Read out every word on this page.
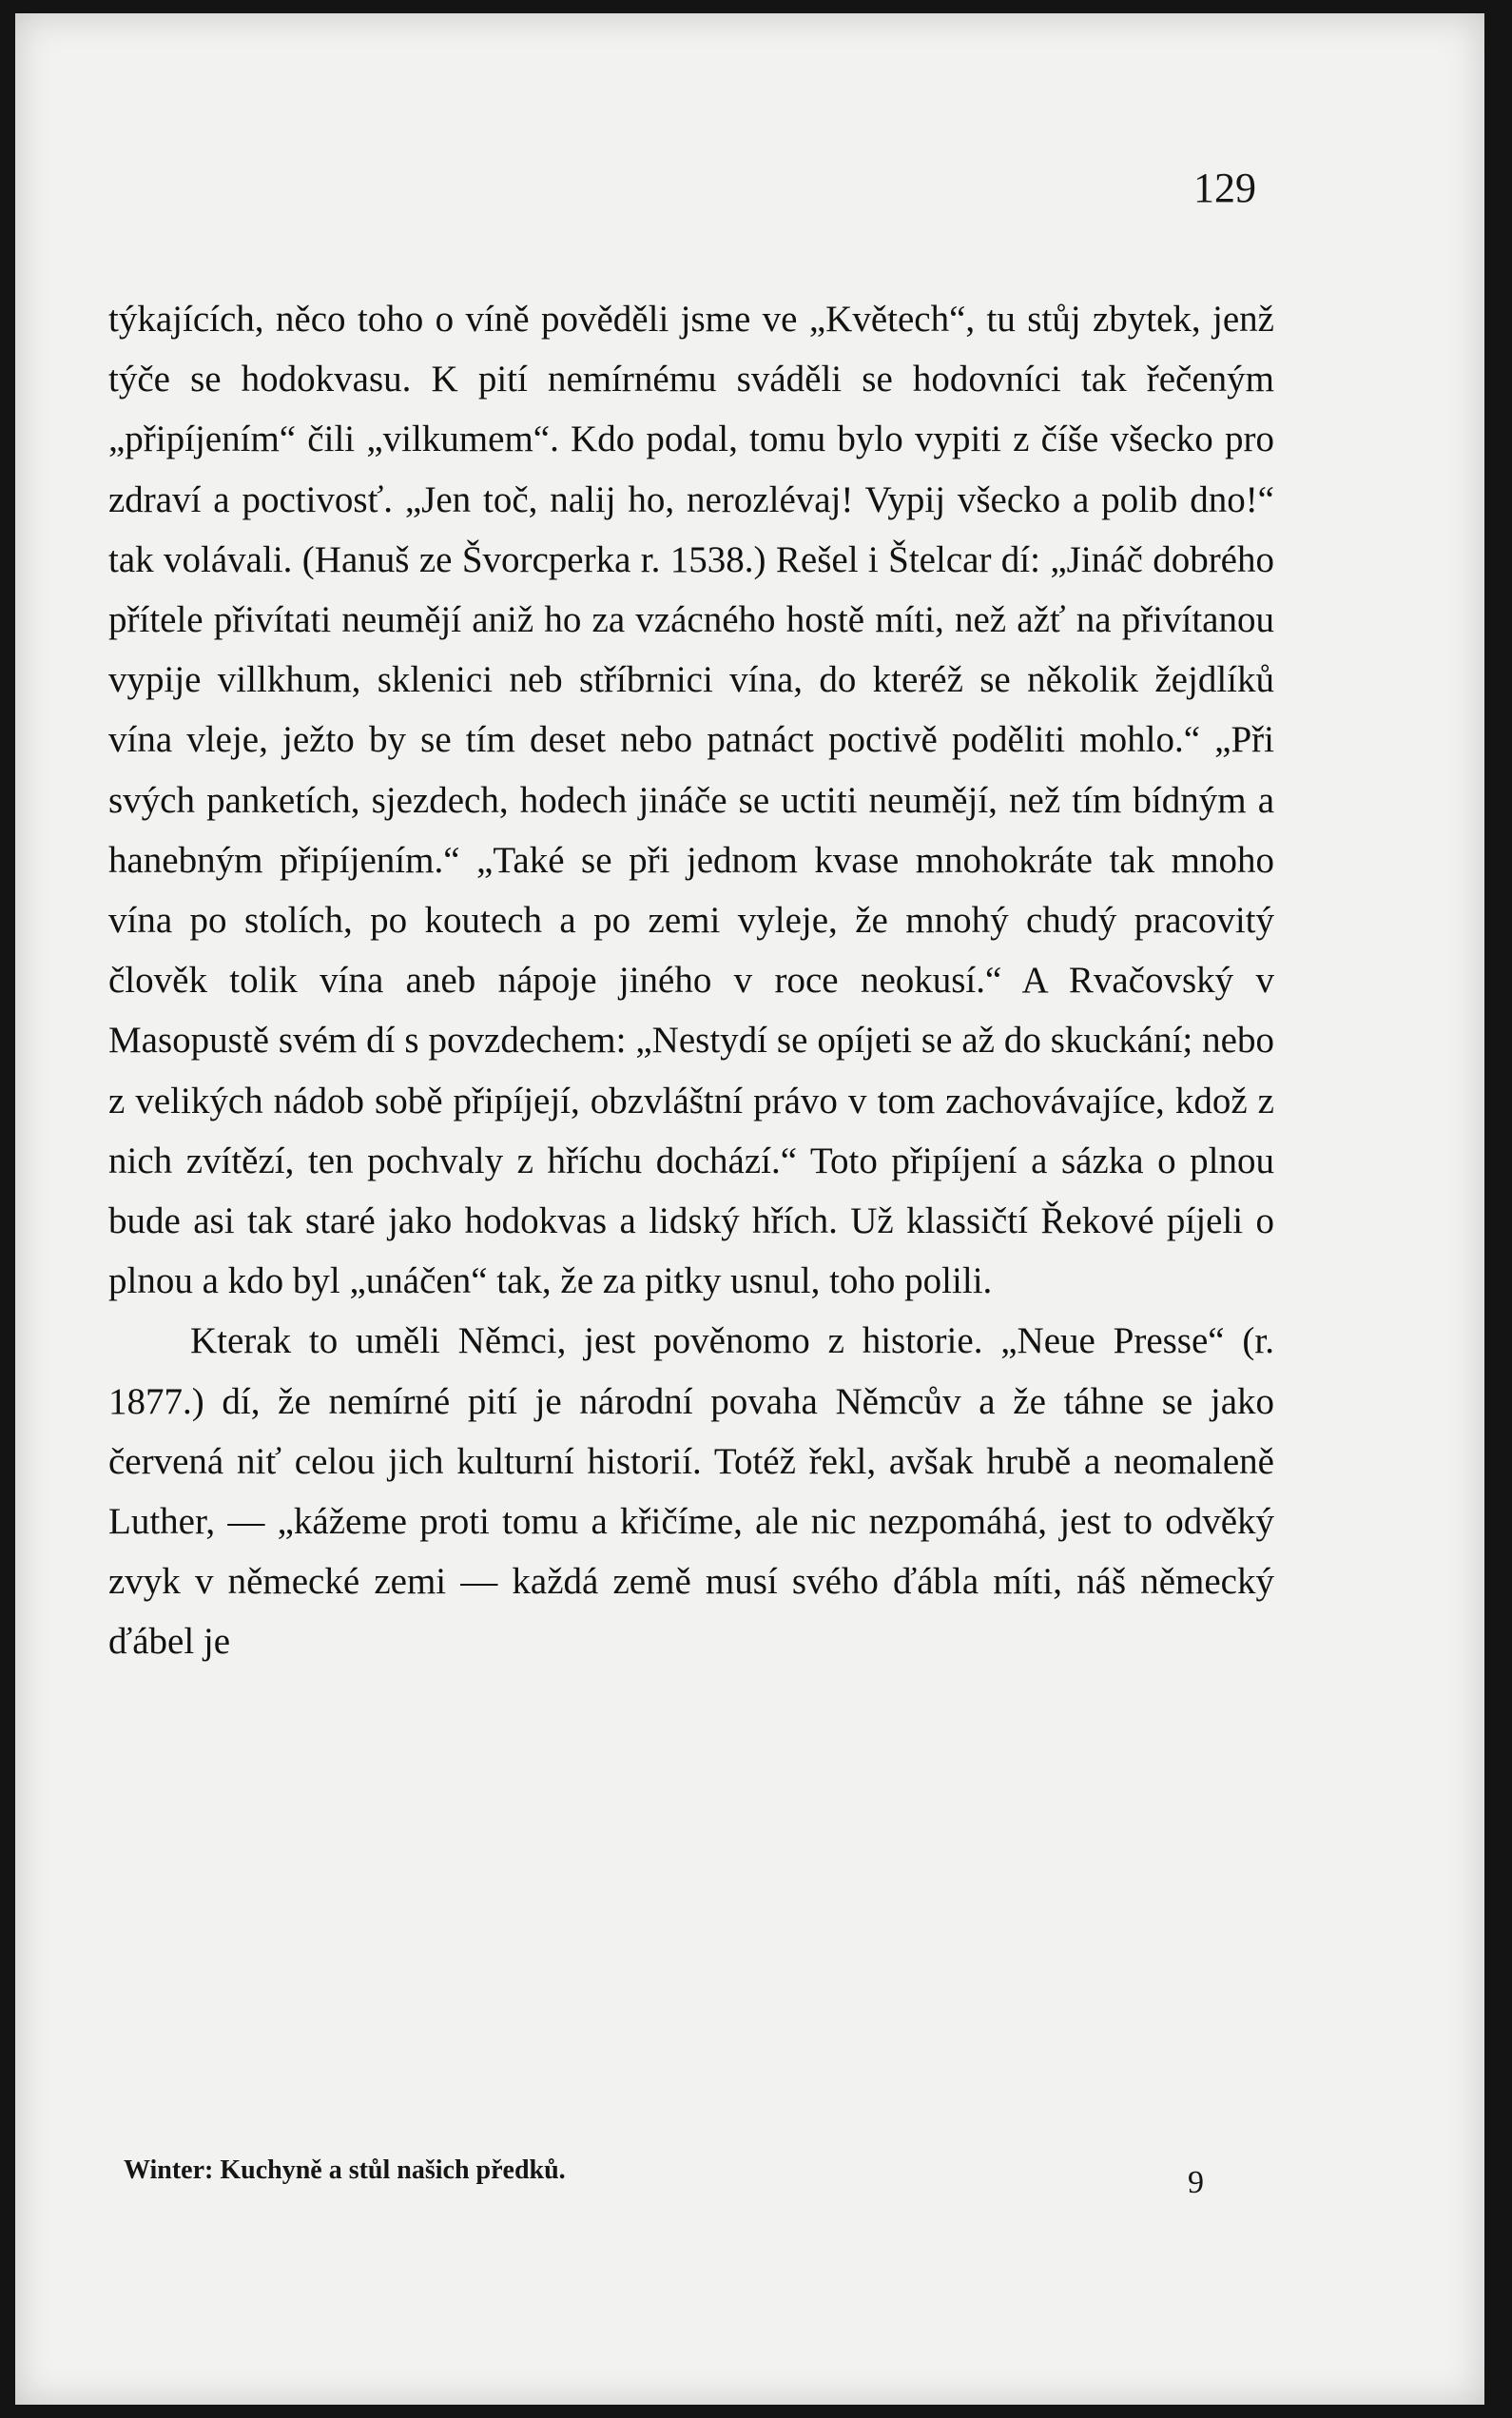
129

týkajících, něco toho o víně pověděli jsme ve „Květech“, tu stůj zbytek, jenž týče se hodokvasu. K pití nemírnému sváděli se hodovníci tak řečeným „připíjením“ čili „vilkumem“. Kdo podal, tomu bylo vypiti z číše všecko pro zdraví a poctivosť. „Jen toč, nalij ho, nerozlévaj! Vypij všecko a polib dno!“ tak volávali. (Hanuš ze Švorcperka r. 1538.) Rešel i Štelcar dí: „Jináč dobrého přítele přivítati neumějí aniž ho za vzácného hostě míti, než ažť na přivítanou vypije villkhum, sklenici neb stříbrnici vína, do kteréž se několik žejdlíků vína vleje, ježto by se tím deset nebo patnáct poctivě poděliti mohlo.“ „Při svých panketích, sjezdech, hodech jináče se uctiti neumějí, než tím bídným a hanebným připíjením.“ „Také se při jednom kvase mnohokráte tak mnoho vína po stolích, po koutech a po zemi vyleje, že mnohý chudý pracovitý člověk tolik vína aneb nápoje jiného v roce neokusí.“ A Rvačovský v Masopustě svém dí s povzdechem: „Nestydí se opíjeti se až do skuckání; nebo z velikých nádob sobě připíjejí, obzvláštní právo v tom zachovávajíce, kdož z nich zvítězí, ten pochvaly z hříchu dochází.“ Toto připíjení a sázka o plnou bude asi tak staré jako hodokvas a lidský hřích. Už klassičtí Řekové píjeli o plnou a kdo byl „unáčen“ tak, že za pitky usnul, toho polili.

Kterak to uměli Němci, jest pověnomo z historie. „Neue Presse“ (r. 1877.) dí, že nemírné pití je národní povaha Němcův a že táhne se jako červená niť celou jich kulturní historií. Totéž řekl, avšak hrubě a neomaleně Luther, — „kážeme proti tomu a křičíme, ale nic nezpomáhá, jest to odvěký zvyk v německé zemi — každá země musí svého ďábla míti, náš německý ďábel je

Winter: Kuchyně a stůl našich předků.	9
